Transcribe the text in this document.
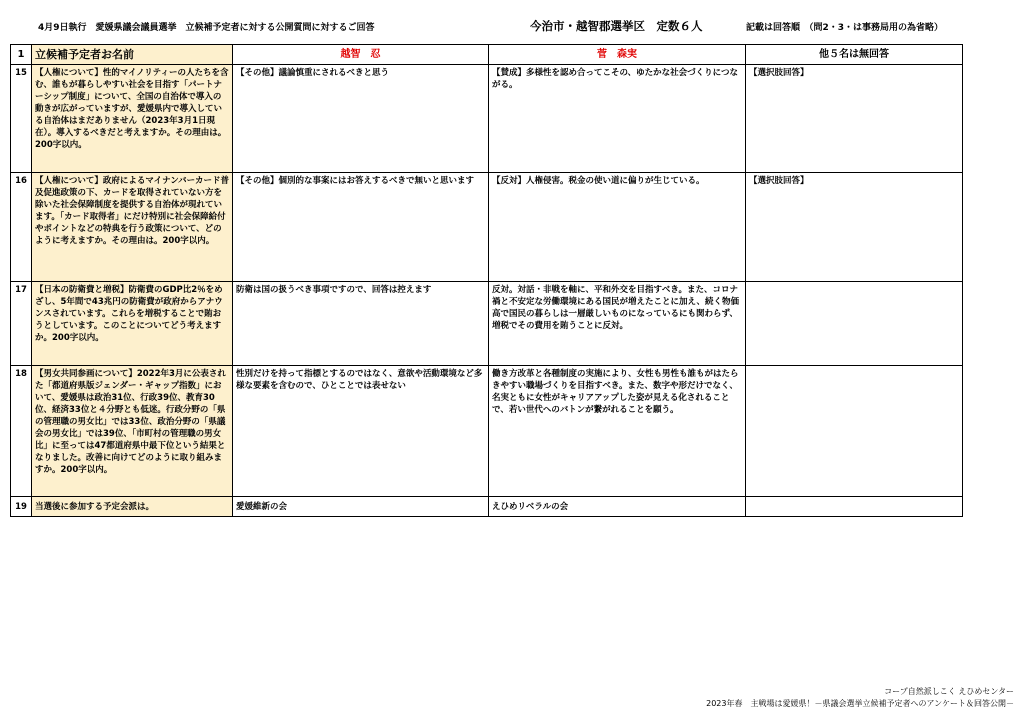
4月9日執行　愛媛県議会議員選挙　立候補予定者に対する公開質問に対するご回答	今治市・越智郡選挙区　定数６人	記載は回答順　（問2・3・は事務局用の為省略）
1	立候補予定者お名前	越智　忍	菅　森実	他５名は無回答
15	【人権について】性的マイノリティーの人たちを含む、誰もが暮らしやすい社会を目指す「パートナーシップ制度」について、全国の自治体で導入の動きが広がっていますが、愛媛県内で導入している自治体はまだありません（2023年3月1日現在）。導入するべきだと考えますか。その理由は。200字以内。	【その他】議論慎重にされるべきと思う	【賛成】多様性を認め合ってこその、ゆたかな社会づくりにつながる。	【選択肢回答】
16	【人権について】政府によるマイナンバーカード普及促進政策の下、カードを取得されていない方を除いた社会保障制度を提供する自治体が現れています。「カード取得者」にだけ特別に社会保障給付やポイントなどの特典を行う政策について、どのように考えますか。その理由は。200字以内。	【その他】個別的な事案にはお答えするべきで無いと思います	【反対】人権侵害。税金の使い道に偏りが生じている。	【選択肢回答】
17	【日本の防衛費と増税】防衛費のGDP比2％をめざし、5年間で43兆円の防衛費が政府からアナウンスされています。これらを増税することで賄おうとしています。このことについてどう考えますか。200字以内。	防衛は国の扱うべき事項ですので、回答は控えます	反対。対話・非戦を軸に、平和外交を目指すべき。また、コロナ禍と不安定な労働環境にある国民が増えたことに加え、続く物価高で国民の暮らしは一層厳しいものになっているにも関わらず、増税でその費用を賄うことに反対。	
18	【男女共同参画について】2022年3月に公表された「都道府県版ジェンダー・ギャップ指数」において、愛媛県は政治31位、行政39位、教育30位、経済33位と４分野とも低迷。行政分野の「県の管理職の男女比」では33位、政治分野の「県議会の男女比」では39位、「市町村の管理職の男女比」に至っては47都道府県中最下位という結果となりました。改善に向けてどのように取り組みますか。200字以内。	性別だけを持って指標とするのではなく、意欲や活動環境など多様な要素を含むので、ひとことでは表せない	働き方改革と各種制度の実施により、女性も男性も誰もがはたらきやすい職場づくりを目指すべき。また、数字や形だけでなく、名実ともに女性がキャリアアップした姿が見える化されることで、若い世代へのバトンが繋がれることを願う。	
19	当選後に参加する予定会派は。	愛媛維新の会	えひめリベラルの会	
コープ自然派しこく えひめセンター
2023年春　主戦場は愛媛県！－県議会選挙立候補予定者へのアンケート＆回答公開－
